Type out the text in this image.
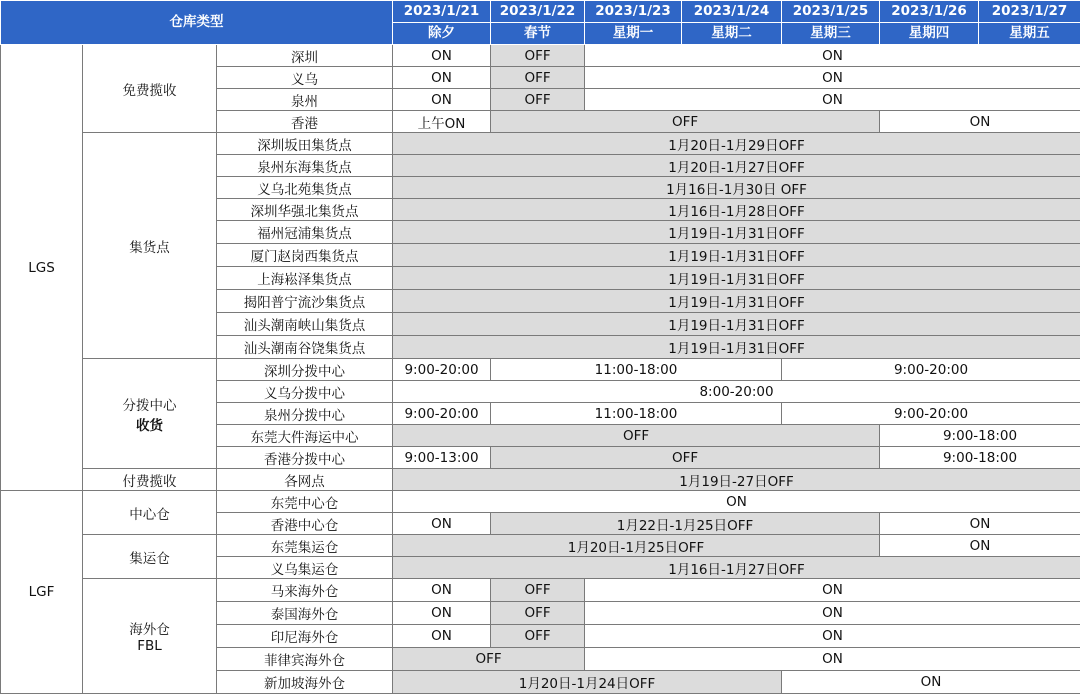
仓库类型			2023/1/21	2023/1/22	2023/1/23	2023/1/24	2023/1/25	2023/1/26	2023/1/27
			除夕	春节	星期一	星期二	星期三	星期四	星期五
LGS	免费揽收	深圳	ON	OFF	ON				
		义乌	ON	OFF	ON				
		泉州	ON	OFF	ON				
		香港	上午ON	OFF				ON	
	集货点	深圳坂田集货点	1月20日-1月29日OFF						
		泉州东海集货点	1月20日-1月27日OFF						
		义乌北苑集货点	1月16日-1月30日 OFF						
		深圳华强北集货点	1月16日-1月28日OFF						
		福州冠浦集货点	1月19日-1月31日OFF						
		厦门赵岗西集货点	1月19日-1月31日OFF						
		上海崧泽集货点	1月19日-1月31日OFF						
		揭阳普宁流沙集货点	1月19日-1月31日OFF						
		汕头潮南峡山集货点	1月19日-1月31日OFF						
		汕头潮南谷饶集货点	1月19日-1月31日OFF						

	分拨中心
收货	深圳分拨中心	9:00-20:00	11:00-18:00			9:00-20:00		
		义乌分拨中心	8:00-20:00						
		泉州分拨中心	9:00-20:00	11:00-18:00			9:00-20:00		
		东莞大件海运中心	OFF					9:00-18:00	
		香港分拨中心	9:00-13:00	OFF				9:00-18:00	
	付费揽收	各网点	1月19日-27日OFF						
LGF	中心仓	东莞中心仓	ON						
		香港中心仓	ON	1月22日-1月25日OFF				ON	
	集运仓	东莞集运仓	1月20日-1月25日OFF					ON	
		义乌集运仓	1月16日-1月27日OFF						

	海外仓
FBL	马来海外仓	ON	OFF	ON				
		泰国海外仓	ON	OFF	ON				
		印尼海外仓	ON	OFF	ON				
		菲律宾海外仓	OFF		ON				
		新加坡海外仓	1月20日-1月24日OFF				ON		
